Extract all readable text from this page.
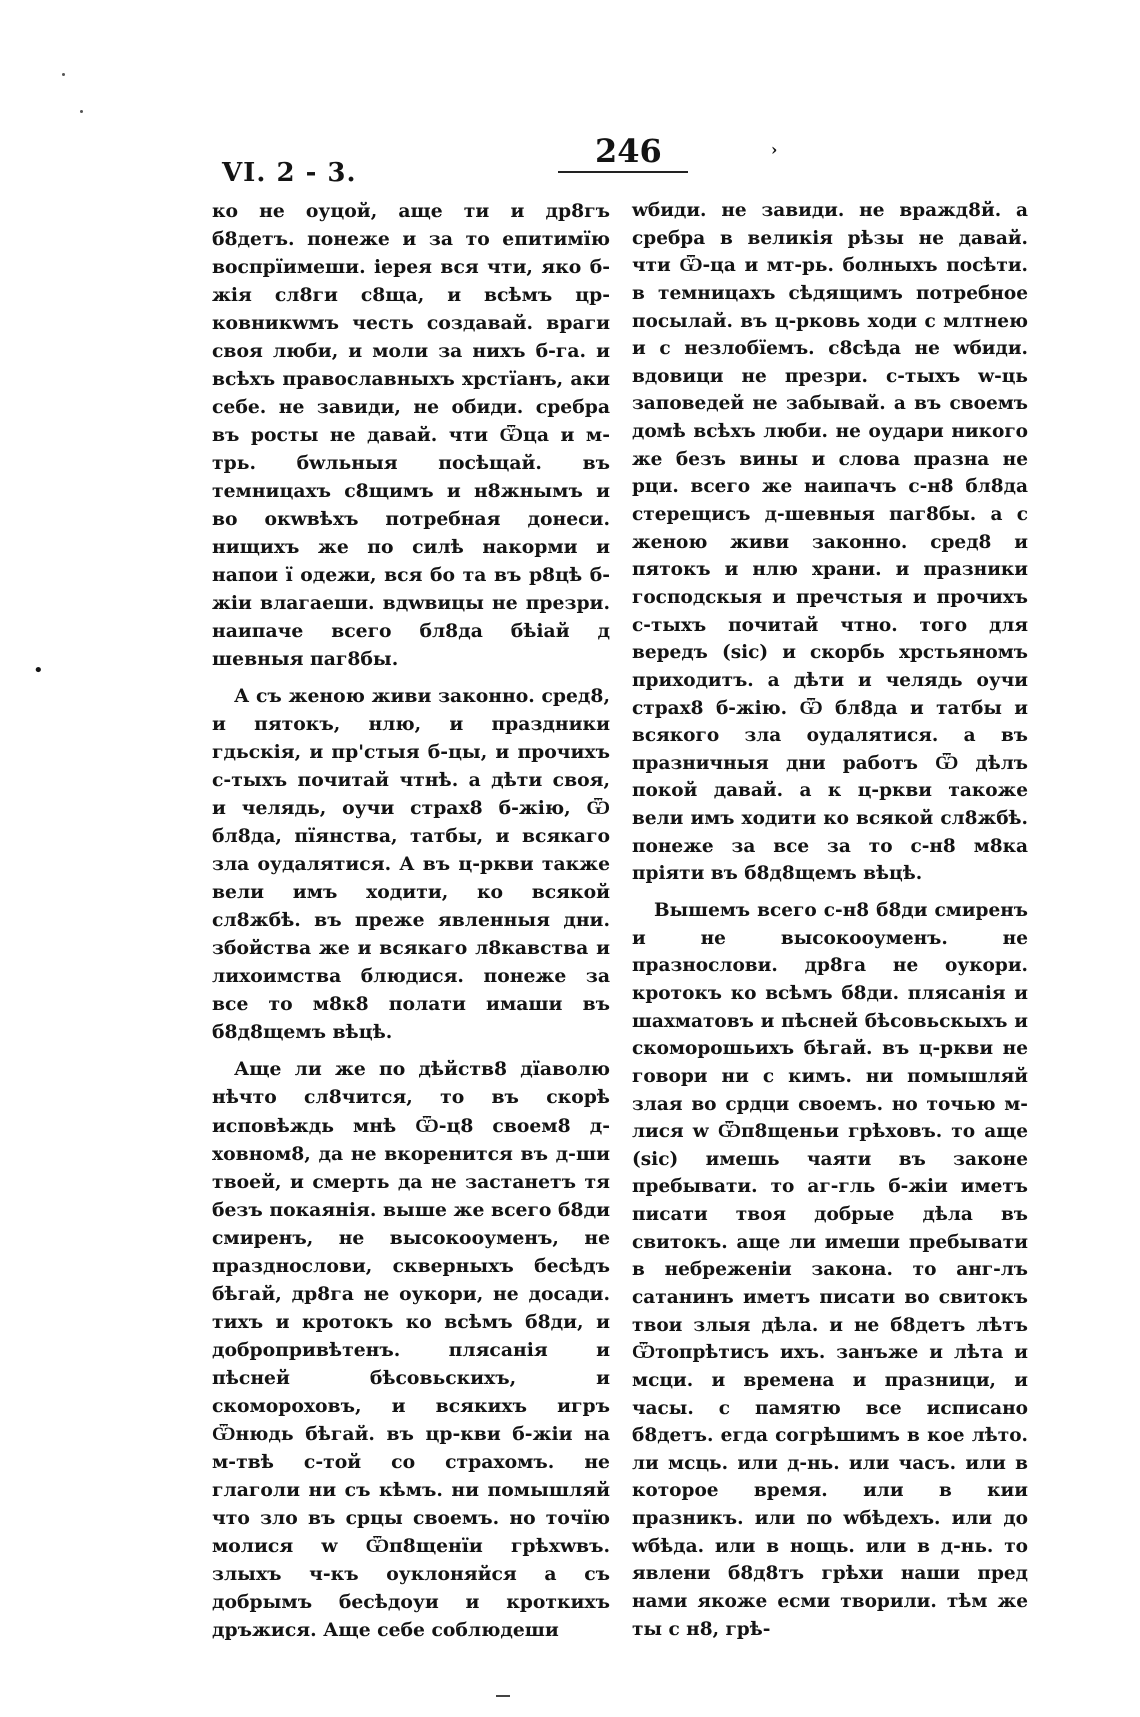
VI. 2 - 3.
246	›
•

ко не оуцой, аще ти и др8гъ б8детъ. понеже и за то епитимїю воспрїимеши. iерея вся чти, яко б-жiя сл8ги с8ща, и всѣмъ цр-ковникwмъ честь создавай. враги своя люби, и моли за нихъ б-га. и всѣхъ православныхъ хрстїанъ, аки себе. не завиди, не обиди. сребра въ росты не давай. чти Ѿца и м-трь. бwльныя посѣщай. въ темницахъ с8щимъ и н8жнымъ и во окwвѣхъ потребная донеси. нищихъ же по силѣ накорми и напои ї одежи, вся бо та въ р8цѣ б-жiи влагаеши. вдwвицы не презри. наипаче всего бл8да бѣiай д шевныя паг8бы.

А съ женою живи законно. сред8, и пятокъ, нлю, и праздники гдьскiя, и пр'стыя б-цы, и прочихъ с-тыхъ почитай чтнѣ. а дѣти своя, и челядь, оучи страх8 б-жiю, Ѿ бл8да, пїянства, татбы, и всякаго зла оудалятися. А въ ц-ркви также вели имъ ходити, ко всякой сл8жбѣ. въ преже явленныя дни. збойства же и всякаго л8кавства и лихоимства блюдися. понеже за все то м8к8 полати имаши въ б8д8щемъ вѣцѣ.

Аще ли же по дѣйств8 дїаволю нѣчто сл8чится, то въ скорѣ исповѣждь мнѣ Ѿ-ц8 своем8 д-ховном8, да не вкоренится въ д-ши твоей, и смерть да не застанетъ тя безъ покаянiя. выше же всего б8ди смиренъ, не высокооуменъ, не празднослови, скверныхъ бесѣдъ бѣгай, др8га не оукори, не досади. тихъ и кротокъ ко всѣмъ б8ди, и добропривѣтенъ. плясанiя и пѣсней бѣсовьскихъ, и скомороховъ, и всякихъ игръ Ѿнюдь бѣгай. въ цр-кви б-жiи на м-твѣ с-той со страхомъ. не глаголи ни съ кѣмъ. ни помышляй что зло въ срцы своемъ. но точїю молися w Ѿп8щенїи грѣхwвъ. злыхъ ч-къ оуклоняйся а съ добрымъ бесѣдоуи и кроткихъ дръжися. Аще себе соблюдеши

wбиди. не завиди. не вражд8й. а сребра в великiя рѣзы не давай. чти Ѿ-ца и мт-рь. болныхъ посѣти. в темницахъ сѣдящимъ потребное посылай. въ ц-рковь ходи с млтнею и с незлобїемъ. с8сѣда не wбиди. вдовици не презри. с-тыхъ w-ць заповедей не забывай. а въ своемъ домѣ всѣхъ люби. не оудари никого же безъ вины и слова празна не рци. всего же наипачъ с-н8 бл8да стерещисъ д-шевныя паг8бы. а с женою живи законно. сред8 и пятокъ и нлю храни. и празники господскыя и пречстыя и прочихъ с-тыхъ почитай чтно. того для вередъ (sic) и скорбь хрстьяномъ приходитъ. а дѣти и челядь оучи страх8 б-жiю. Ѿ бл8да и татбы и всякого зла оудалятися. а въ празничныя дни работъ Ѿ дѣлъ покой давай. а к ц-ркви такоже вели имъ ходити ко всякой сл8жбѣ. понеже за все за то с-н8 м8ка прiяти въ б8д8щемъ вѣцѣ.

Вышемъ всего с-н8 б8ди смиренъ и не высокооуменъ. не празнослови. др8га не оукори. кротокъ ко всѣмъ б8ди. плясанiя и шахматовъ и пѣсней бѣсовьскыхъ и скоморошьихъ бѣгай. въ ц-ркви не говори ни с кимъ. ни помышляй злая во срдци своемъ. но точью м-лися w Ѿп8щеньи грѣховъ. то аще (sic) имешь чаяти въ законе пребывати. то аг-гль б-жiи иметъ писати твоя добрые дѣла въ свитокъ. аще ли имеши пребывати в небреженiи закона. то анг-лъ сатанинъ иметъ писати во свитокъ твои злыя дѣла. и не б8детъ лѣтъ Ѿтопрѣтисъ ихъ. занъже и лѣта и мсци. и времена и празници, и часы. с памятю все исписано б8детъ. егда согрѣшимъ в кое лѣто. ли мсць. или д-нь. или часъ. или в которое время. или в кии празникъ. или по wбѣдехъ. или до wбѣда. или в нощь. или в д-нь. то явлени б8д8тъ грѣхи наши пред нами якоже есми творили. тѣм же ты с н8, грѣ-
